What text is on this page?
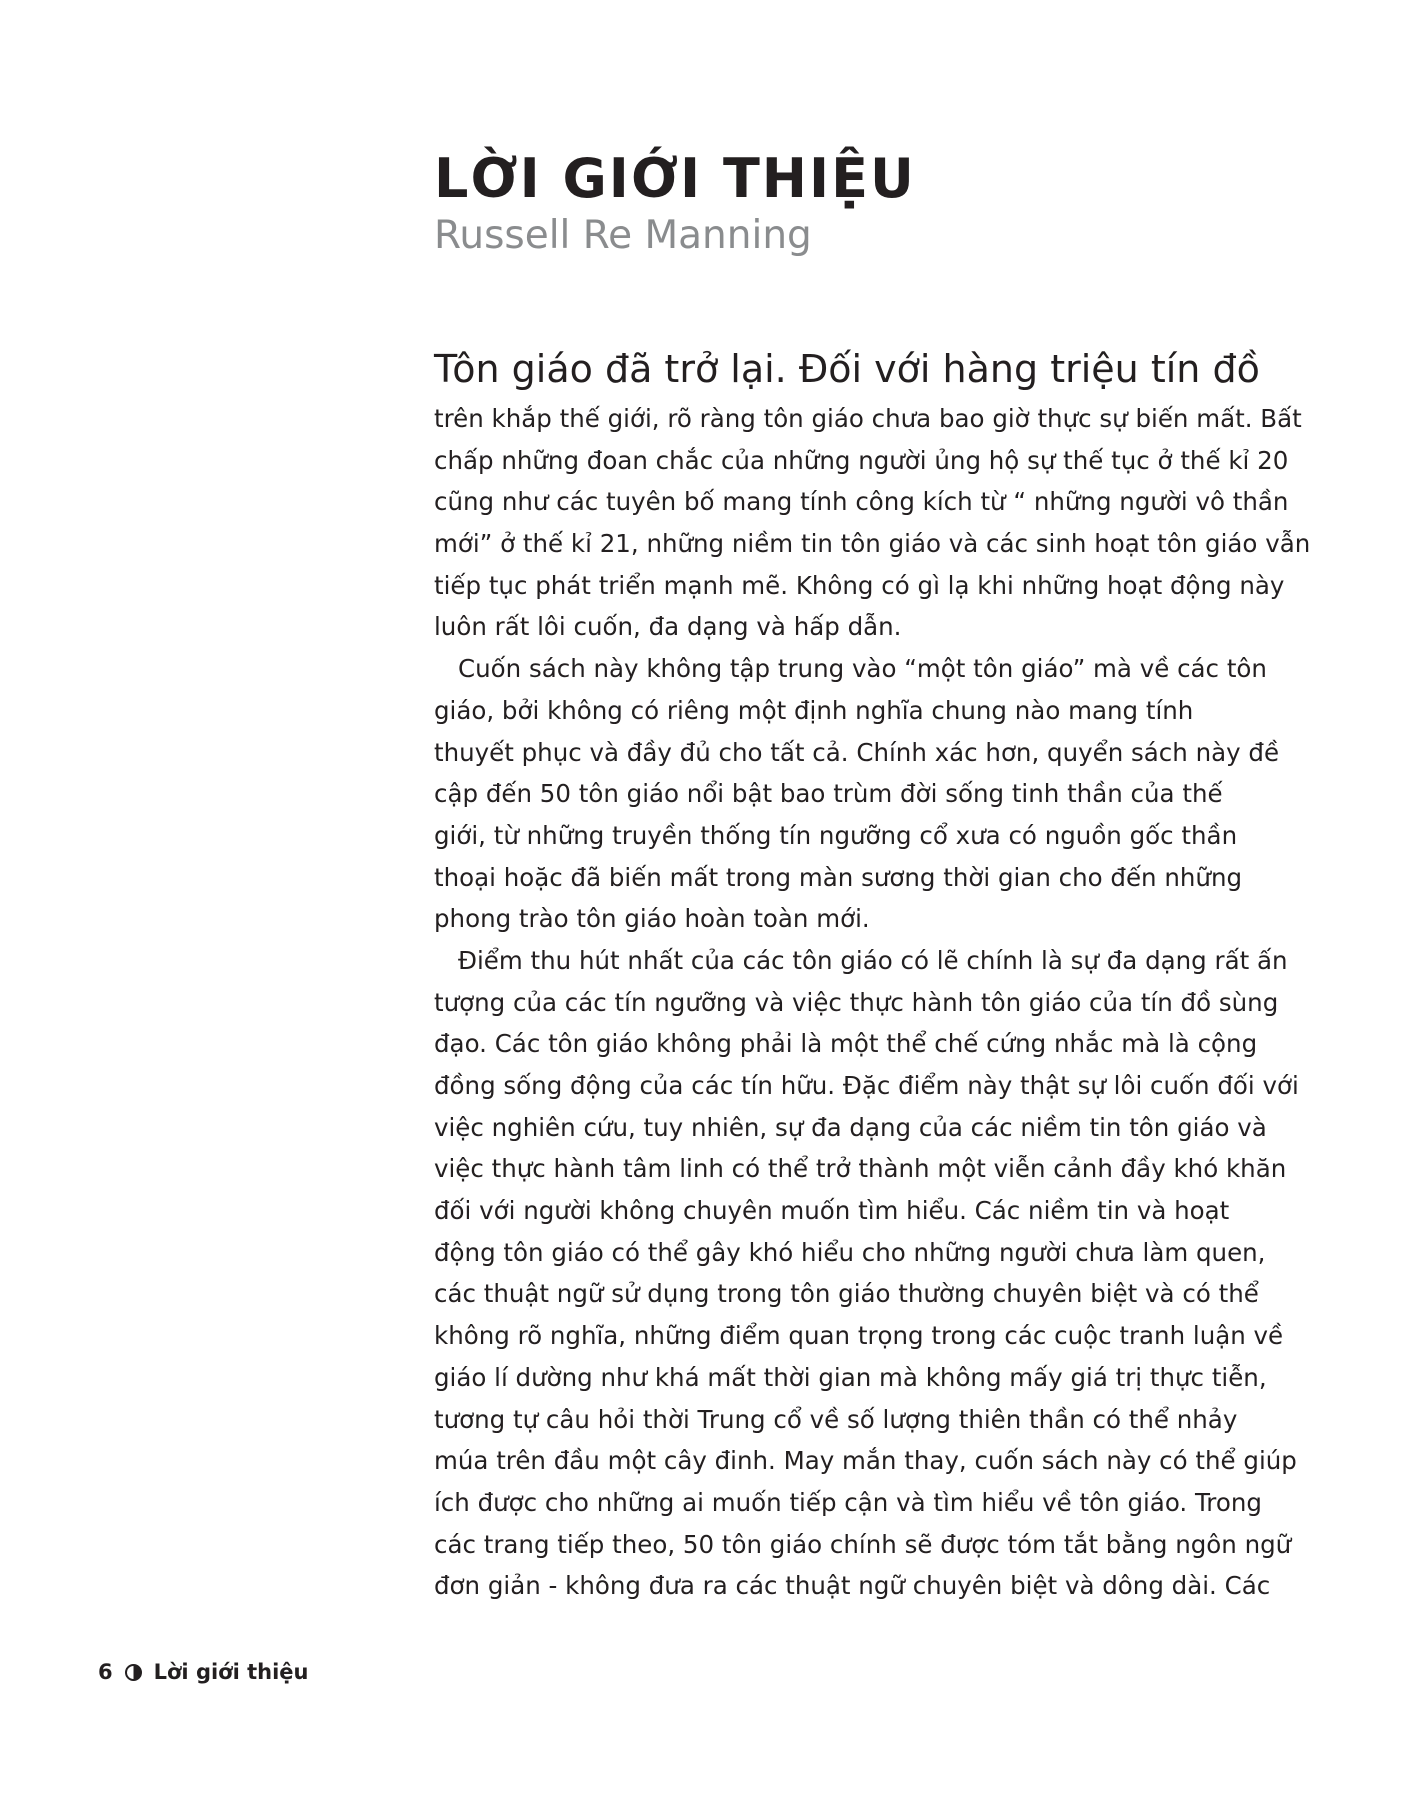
LỜI GIỚI THIỆU
Russell Re Manning
Tôn giáo đã trở lại. Đối với hàng triệu tín đồ
trên khắp thế giới, rõ ràng tôn giáo chưa bao giờ thực sự biến mất. Bất
chấp những đoan chắc của những người ủng hộ sự thế tục ở thế kỉ 20
cũng như các tuyên bố mang tính công kích từ “ những người vô thần
mới” ở thế kỉ 21, những niềm tin tôn giáo và các sinh hoạt tôn giáo vẫn
tiếp tục phát triển mạnh mẽ. Không có gì lạ khi những hoạt động này
luôn rất lôi cuốn, đa dạng và hấp dẫn.
Cuốn sách này không tập trung vào “một tôn giáo” mà về các tôn
giáo, bởi không có riêng một định nghĩa chung nào mang tính
thuyết phục và đầy đủ cho tất cả. Chính xác hơn, quyển sách này đề
cập đến 50 tôn giáo nổi bật bao trùm đời sống tinh thần của thế
giới, từ những truyền thống tín ngưỡng cổ xưa có nguồn gốc thần
thoại hoặc đã biến mất trong màn sương thời gian cho đến những
phong trào tôn giáo hoàn toàn mới.
Điểm thu hút nhất của các tôn giáo có lẽ chính là sự đa dạng rất ấn
tượng của các tín ngưỡng và việc thực hành tôn giáo của tín đồ sùng
đạo. Các tôn giáo không phải là một thể chế cứng nhắc mà là cộng
đồng sống động của các tín hữu. Đặc điểm này thật sự lôi cuốn đối với
việc nghiên cứu, tuy nhiên, sự đa dạng của các niềm tin tôn giáo và
việc thực hành tâm linh có thể trở thành một viễn cảnh đầy khó khăn
đối với người không chuyên muốn tìm hiểu. Các niềm tin và hoạt
động tôn giáo có thể gây khó hiểu cho những người chưa làm quen,
các thuật ngữ sử dụng trong tôn giáo thường chuyên biệt và có thể
không rõ nghĩa, những điểm quan trọng trong các cuộc tranh luận về
giáo lí dường như khá mất thời gian mà không mấy giá trị thực tiễn,
tương tự câu hỏi thời Trung cổ về số lượng thiên thần có thể nhảy
múa trên đầu một cây đinh. May mắn thay, cuốn sách này có thể giúp
ích được cho những ai muốn tiếp cận và tìm hiểu về tôn giáo. Trong
các trang tiếp theo, 50 tôn giáo chính sẽ được tóm tắt bằng ngôn ngữ
đơn giản - không đưa ra các thuật ngữ chuyên biệt và dông dài. Các
6 Lời giới thiệu
